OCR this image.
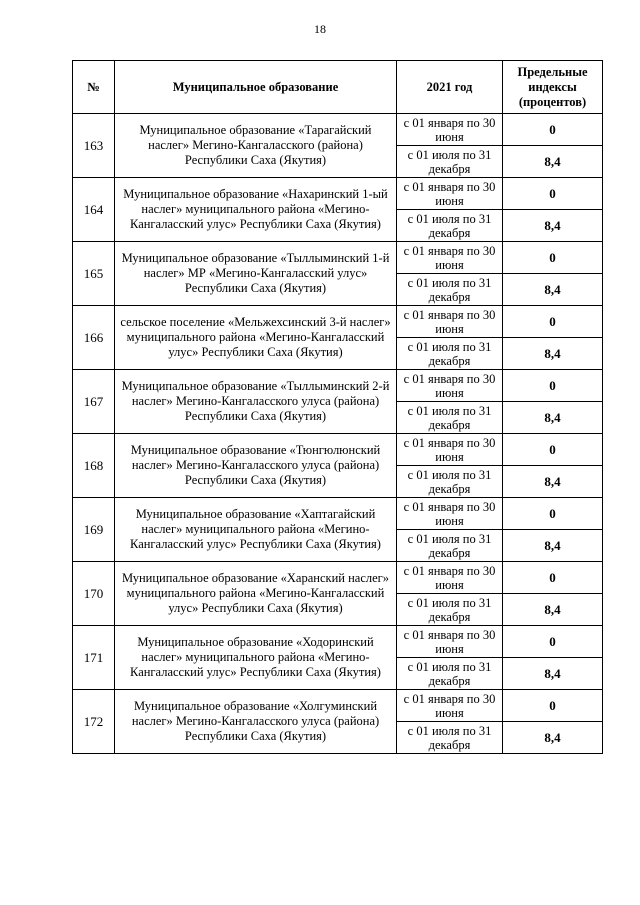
18
№	Муниципальное образование	2021 год	Предельные индексы (процентов)
163	Муниципальное образование «Тарагайский наслег» Мегино-Кангаласского (района) Республики Саха (Якутия)	с 01 января по 30 июня	0
		с 01 июля по 31 декабря	8,4
164	Муниципальное образование «Нахаринский 1-ый наслег» муниципального района «Мегино-Кангаласский улус» Республики Саха (Якутия)	с 01 января по 30 июня	0
		с 01 июля по 31 декабря	8,4
165	Муниципальное образование «Тыллыминский 1-й наслег» МР «Мегино-Кангаласский улус» Республики Саха (Якутия)	с 01 января по 30 июня	0
		с 01 июля по 31 декабря	8,4
166	сельское поселение «Мельжехсинский 3-й наслег» муниципального района «Мегино-Кангаласский улус» Республики Саха (Якутия)	с 01 января по 30 июня	0
		с 01 июля по 31 декабря	8,4
167	Муниципальное образование «Тыллыминский 2-й наслег» Мегино-Кангаласского улуса (района) Республики Саха (Якутия)	с 01 января по 30 июня	0
		с 01 июля по 31 декабря	8,4
168	Муниципальное образование «Тюнгюлюнский наслег» Мегино-Кангаласского улуса (района) Республики Саха (Якутия)	с 01 января по 30 июня	0
		с 01 июля по 31 декабря	8,4
169	Муниципальное образование «Хаптагайский наслег» муниципального района «Мегино-Кангаласский улус» Республики Саха (Якутия)	с 01 января по 30 июня	0
		с 01 июля по 31 декабря	8,4
170	Муниципальное образование «Харанский наслег» муниципального района «Мегино-Кангаласский улус» Республики Саха (Якутия)	с 01 января по 30 июня	0
		с 01 июля по 31 декабря	8,4
171	Муниципальное образование «Ходоринский наслег» муниципального района «Мегино-Кангаласский улус» Республики Саха (Якутия)	с 01 января по 30 июня	0
		с 01 июля по 31 декабря	8,4
172	Муниципальное образование «Холгуминский наслег» Мегино-Кангаласского улуса (района) Республики Саха (Якутия)	с 01 января по 30 июня	0
		с 01 июля по 31 декабря	8,4
